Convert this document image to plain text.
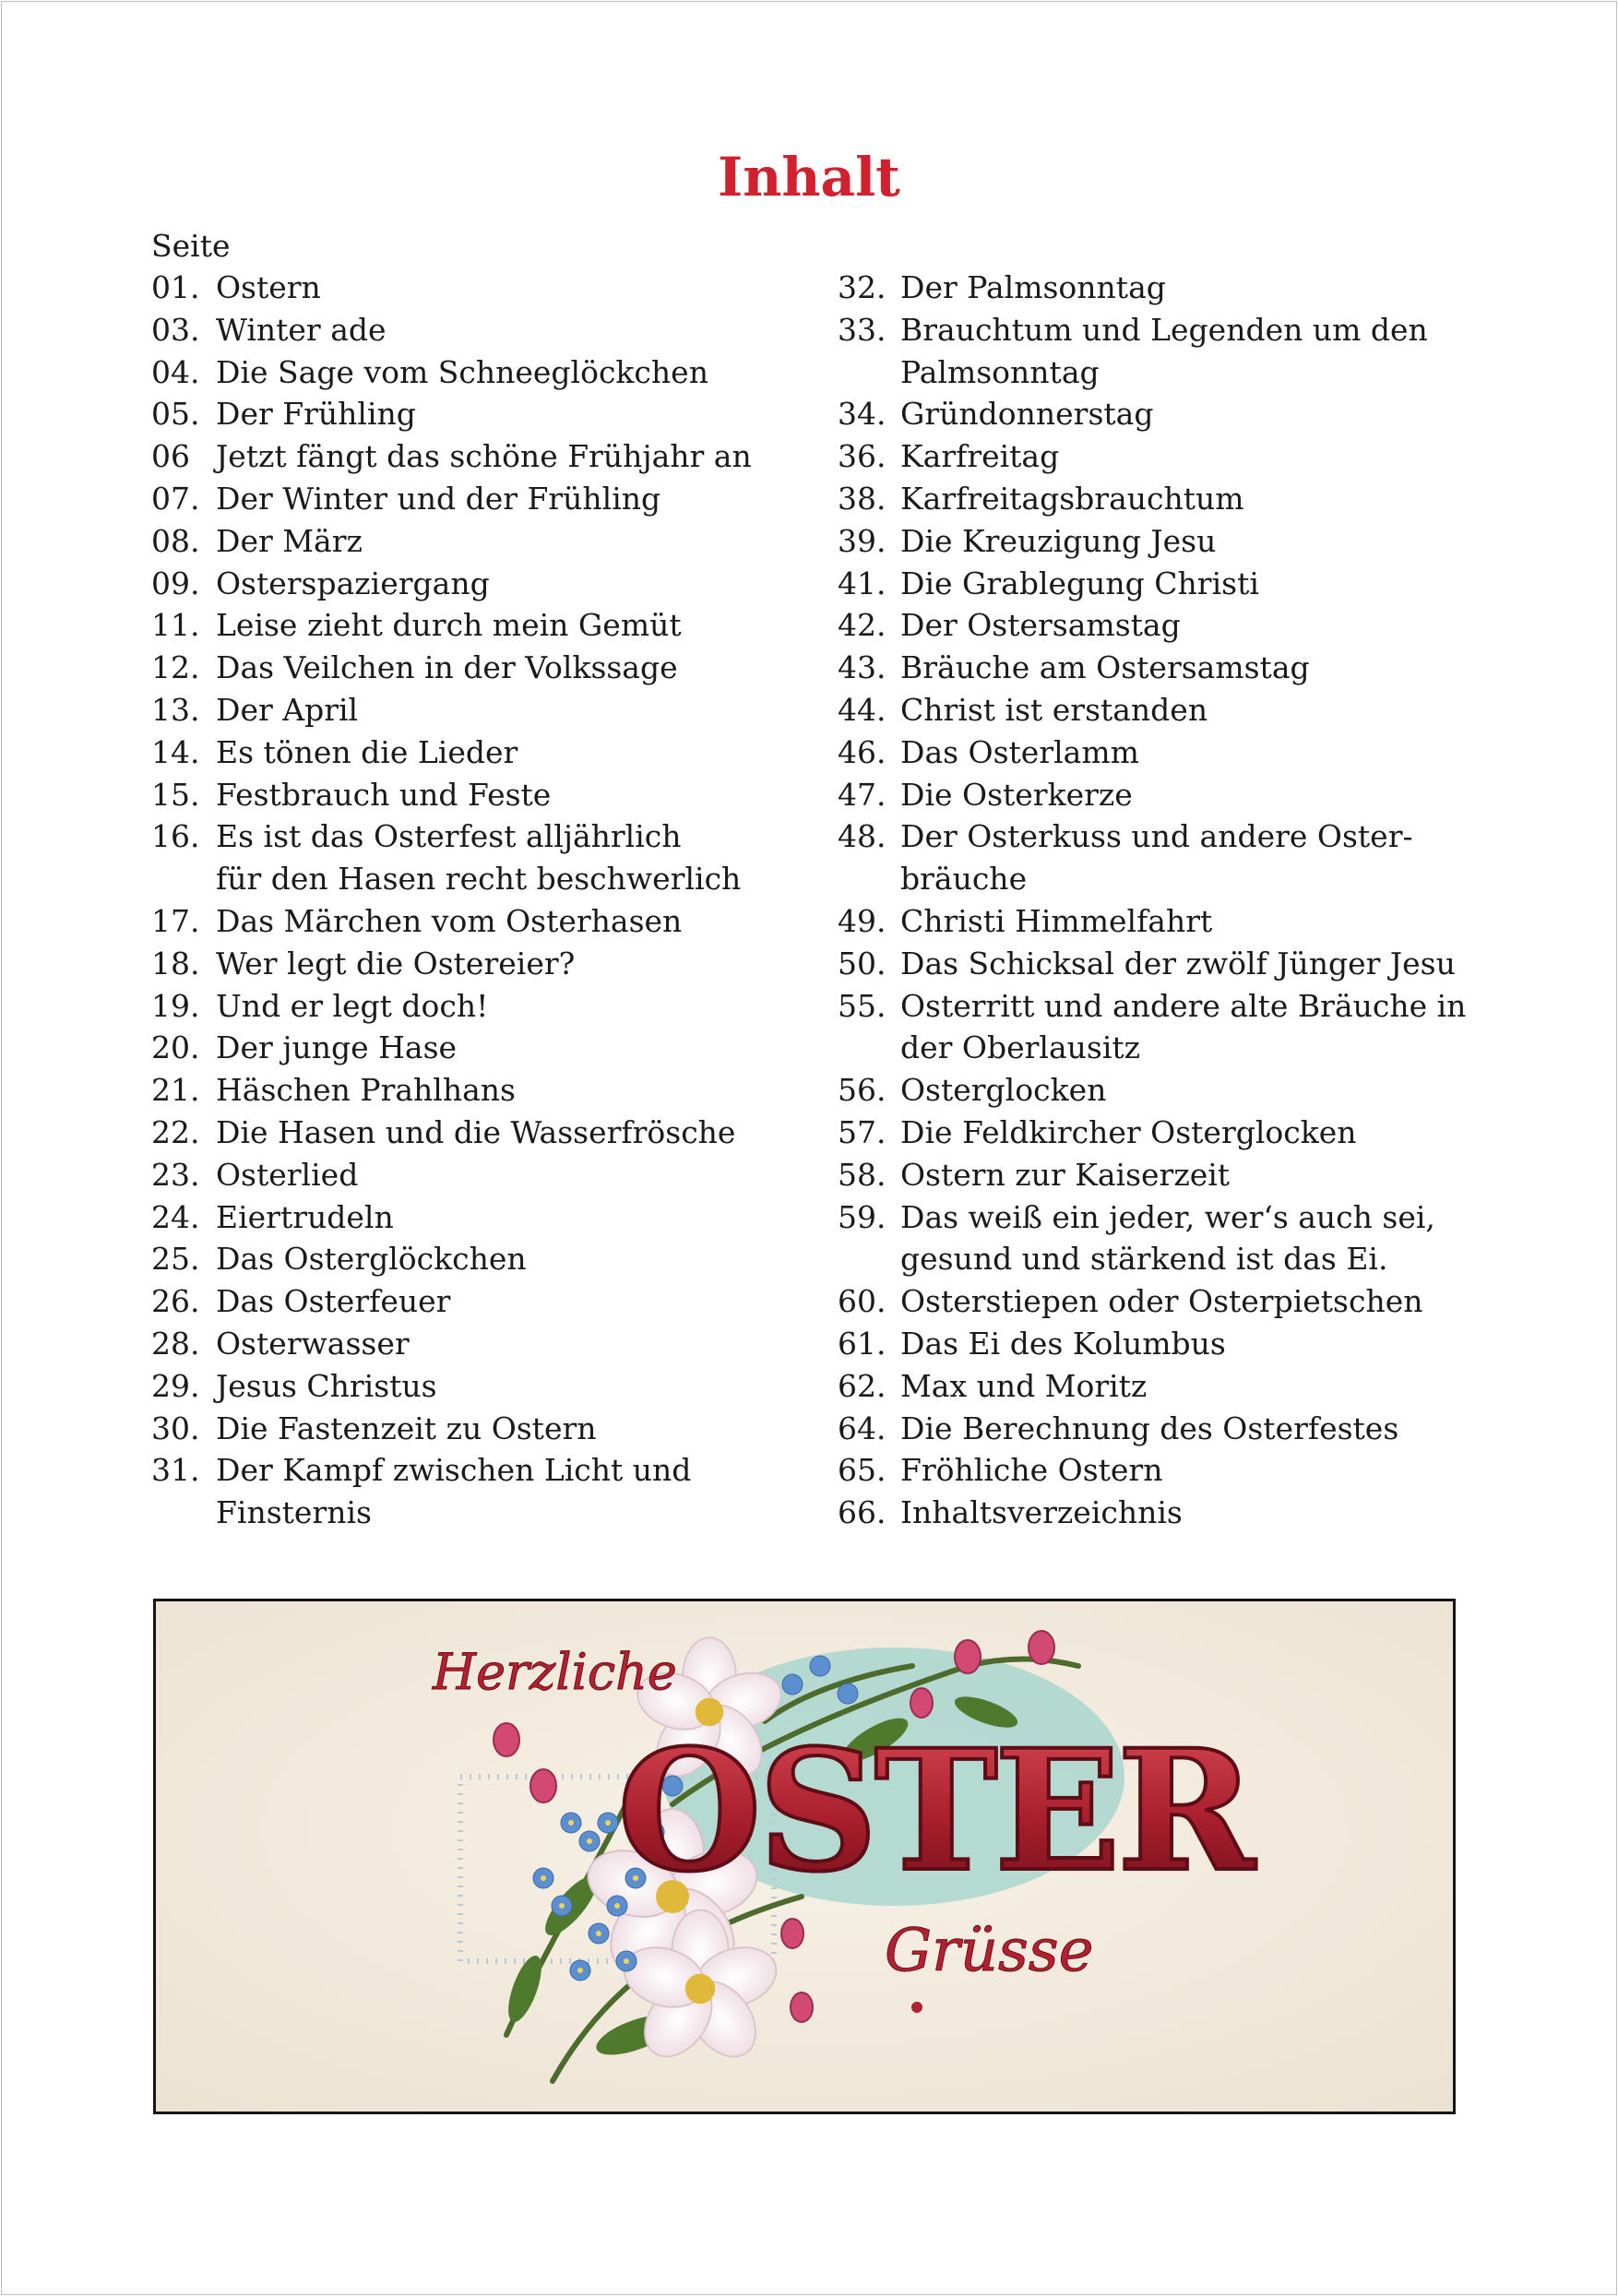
Inhalt
Seite
01. Ostern
03. Winter ade
04. Die Sage vom Schneeglöckchen
05. Der Frühling
06 Jetzt fängt das schöne Frühjahr an
07. Der Winter und der Frühling
08. Der März
09. Osterspaziergang
11. Leise zieht durch mein Gemüt
12. Das Veilchen in der Volkssage
13. Der April
14. Es tönen die Lieder
15. Festbrauch und Feste
16. Es ist das Osterfest alljährlich
für den Hasen recht beschwerlich
17. Das Märchen vom Osterhasen
18. Wer legt die Ostereier?
19. Und er legt doch!
20. Der junge Hase
21. Häschen Prahlhans
22. Die Hasen und die Wasserfrösche
23. Osterlied
24. Eiertrudeln
25. Das Osterglöckchen
26. Das Osterfeuer
28. Osterwasser
29. Jesus Christus
30. Die Fastenzeit zu Ostern
31. Der Kampf zwischen Licht und
Finsternis
32. Der Palmsonntag
33. Brauchtum und Legenden um den
Palmsonntag
34. Gründonnerstag
36. Karfreitag
38. Karfreitagsbrauchtum
39. Die Kreuzigung Jesu
41. Die Grablegung Christi
42. Der Ostersamstag
43. Bräuche am Ostersamstag
44. Christ ist erstanden
46. Das Osterlamm
47. Die Osterkerze
48. Der Osterkuss und andere Oster-
bräuche
49. Christi Himmelfahrt
50. Das Schicksal der zwölf Jünger Jesu
55. Osterritt und andere alte Bräuche in
der Oberlausitz
56. Osterglocken
57. Die Feldkircher Osterglocken
58. Ostern zur Kaiserzeit
59. Das weiß ein jeder, wer‘s auch sei,
gesund und stärkend ist das Ei.
60. Osterstiepen oder Osterpietschen
61. Das Ei des Kolumbus
62. Max und Moritz
64. Die Berechnung des Osterfestes
65. Fröhliche Ostern
66. Inhaltsverzeichnis
Herzliche
OSTER
Grüsse
